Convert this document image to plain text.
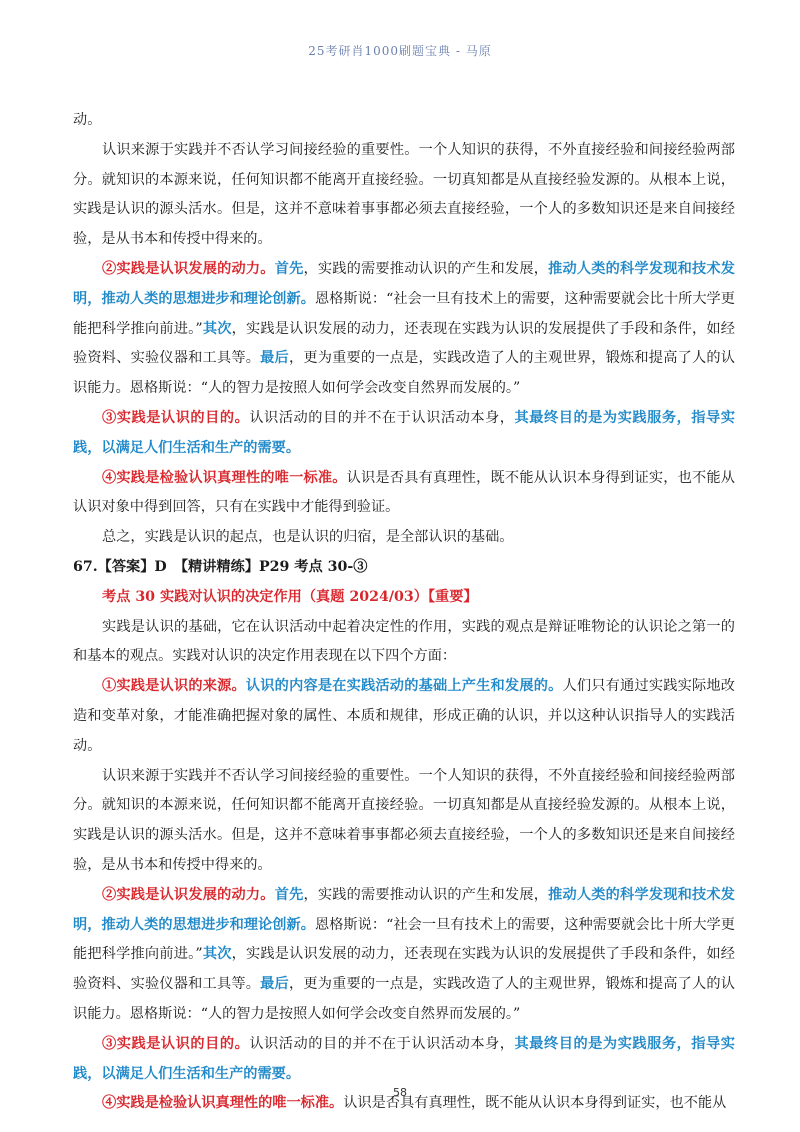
25考研肖1000刷题宝典 - 马原

动。

认识来源于实践并不否认学习间接经验的重要性。一个人知识的获得，不外直接经验和间接经验两部分。就知识的本源来说，任何知识都不能离开直接经验。一切真知都是从直接经验发源的。从根本上说，实践是认识的源头活水。但是，这并不意味着事事都必须去直接经验，一个人的多数知识还是来自间接经验，是从书本和传授中得来的。

②实践是认识发展的动力。首先，实践的需要推动认识的产生和发展，推动人类的科学发现和技术发明，推动人类的思想进步和理论创新。恩格斯说：“社会一旦有技术上的需要，这种需要就会比十所大学更能把科学推向前进。”其次，实践是认识发展的动力，还表现在实践为认识的发展提供了手段和条件，如经验资料、实验仪器和工具等。最后，更为重要的一点是，实践改造了人的主观世界，锻炼和提高了人的认识能力。恩格斯说：“人的智力是按照人如何学会改变自然界而发展的。”

③实践是认识的目的。认识活动的目的并不在于认识活动本身，其最终目的是为实践服务，指导实践，以满足人们生活和生产的需要。

④实践是检验认识真理性的唯一标准。认识是否具有真理性，既不能从认识本身得到证实，也不能从认识对象中得到回答，只有在实践中才能得到验证。

总之，实践是认识的起点，也是认识的归宿，是全部认识的基础。

67.【答案】D　【精讲精练】P29 考点 30-③

考点 30 实践对认识的决定作用（真题 2024/03）【重要】

实践是认识的基础，它在认识活动中起着决定性的作用，实践的观点是辩证唯物论的认识论之第一的和基本的观点。实践对认识的决定作用表现在以下四个方面：

①实践是认识的来源。认识的内容是在实践活动的基础上产生和发展的。人们只有通过实践实际地改造和变革对象，才能准确把握对象的属性、本质和规律，形成正确的认识，并以这种认识指导人的实践活动。

认识来源于实践并不否认学习间接经验的重要性。一个人知识的获得，不外直接经验和间接经验两部分。就知识的本源来说，任何知识都不能离开直接经验。一切真知都是从直接经验发源的。从根本上说，实践是认识的源头活水。但是，这并不意味着事事都必须去直接经验，一个人的多数知识还是来自间接经验，是从书本和传授中得来的。

②实践是认识发展的动力。首先，实践的需要推动认识的产生和发展，推动人类的科学发现和技术发明，推动人类的思想进步和理论创新。恩格斯说：“社会一旦有技术上的需要，这种需要就会比十所大学更能把科学推向前进。”其次，实践是认识发展的动力，还表现在实践为认识的发展提供了手段和条件，如经验资料、实验仪器和工具等。最后，更为重要的一点是，实践改造了人的主观世界，锻炼和提高了人的认识能力。恩格斯说：“人的智力是按照人如何学会改变自然界而发展的。”

③实践是认识的目的。认识活动的目的并不在于认识活动本身，其最终目的是为实践服务，指导实践，以满足人们生活和生产的需要。

④实践是检验认识真理性的唯一标准。认识是否具有真理性，既不能从认识本身得到证实，也不能从

58
